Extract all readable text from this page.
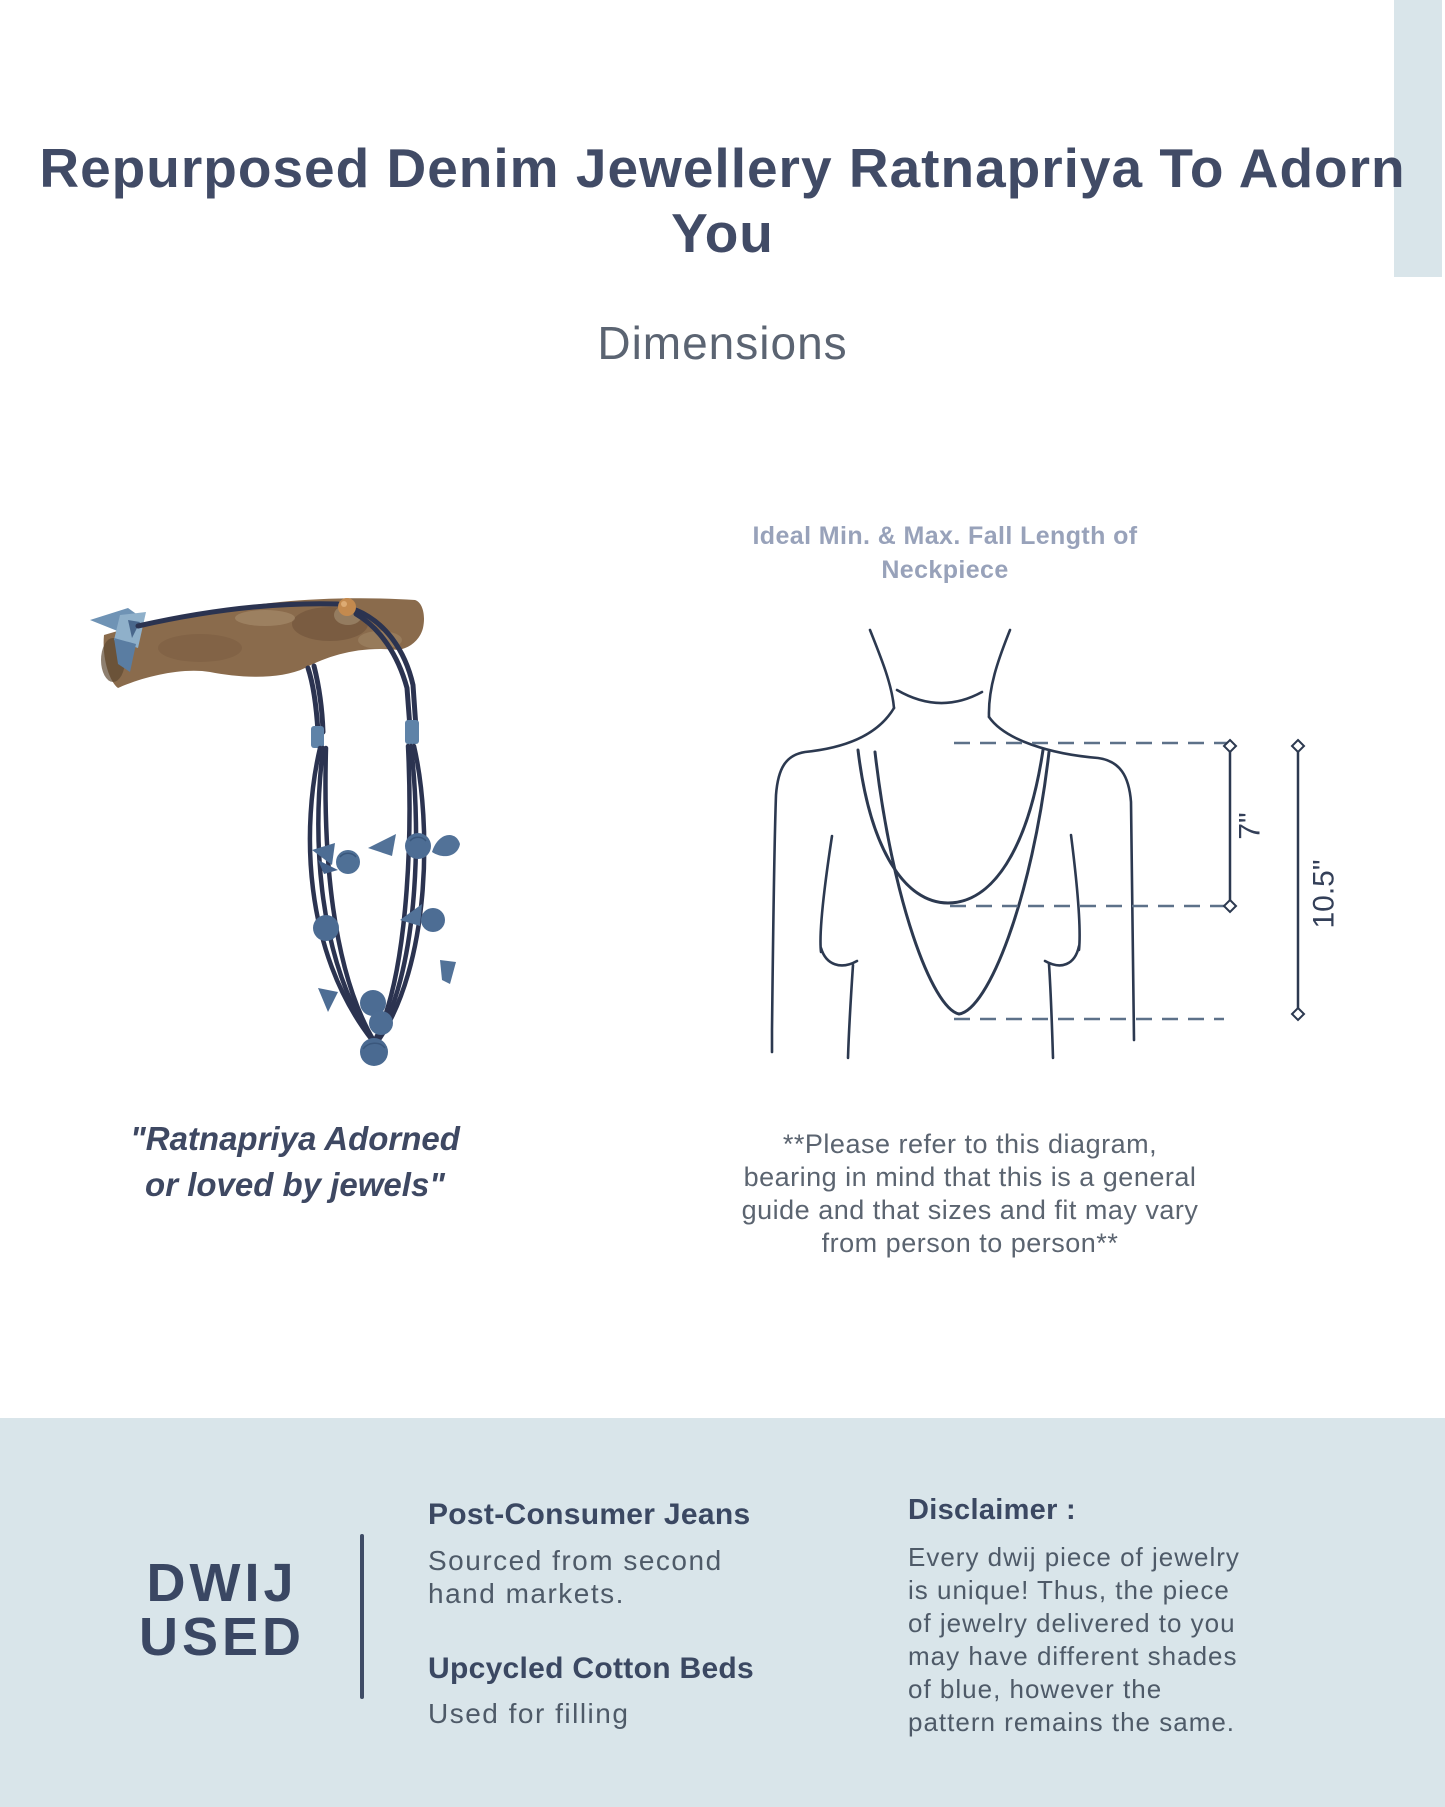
Repurposed Denim Jewellery Ratnapriya To Adorn You
Dimensions
"Ratnapriya Adorned
or loved by jewels"
Ideal Min. & Max. Fall Length of Neckpiece
7"
10.5"
**Please refer to this diagram,
bearing in mind that this is a general
guide and that sizes and fit may vary
from person to person**
DWIJ
USED
Post-Consumer Jeans
Sourced from second
hand markets.
Upcycled Cotton Beds
Used for filling
Disclaimer :
Every dwij piece of jewelry
is unique! Thus, the piece
of jewelry delivered to you
may have different shades
of blue, however the
pattern remains the same.
